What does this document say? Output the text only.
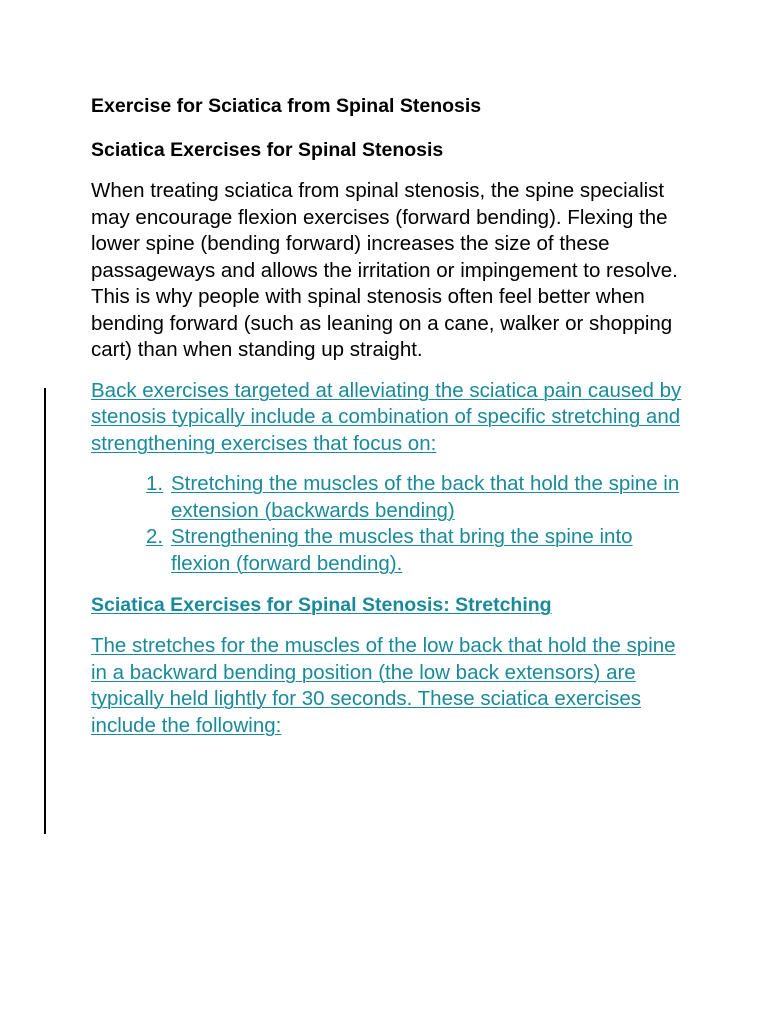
Exercise for Sciatica from Spinal Stenosis
Sciatica Exercises for Spinal Stenosis

When treating sciatica from spinal stenosis, the spine specialist may encourage flexion exercises (forward bending). Flexing the lower spine (bending forward) increases the size of these passageways and allows the irritation or impingement to resolve. This is why people with spinal stenosis often feel better when bending forward (such as leaning on a cane, walker or shopping cart) than when standing up straight.

Back exercises targeted at alleviating the sciatica pain caused by stenosis typically include a combination of specific stretching and strengthening exercises that focus on:

1. Stretching the muscles of the back that hold the spine in extension (backwards bending)
2. Strengthening the muscles that bring the spine into flexion (forward bending).
Sciatica Exercises for Spinal Stenosis: Stretching

The stretches for the muscles of the low back that hold the spine in a backward bending position (the low back extensors) are typically held lightly for 30 seconds. These sciatica exercises include the following:
